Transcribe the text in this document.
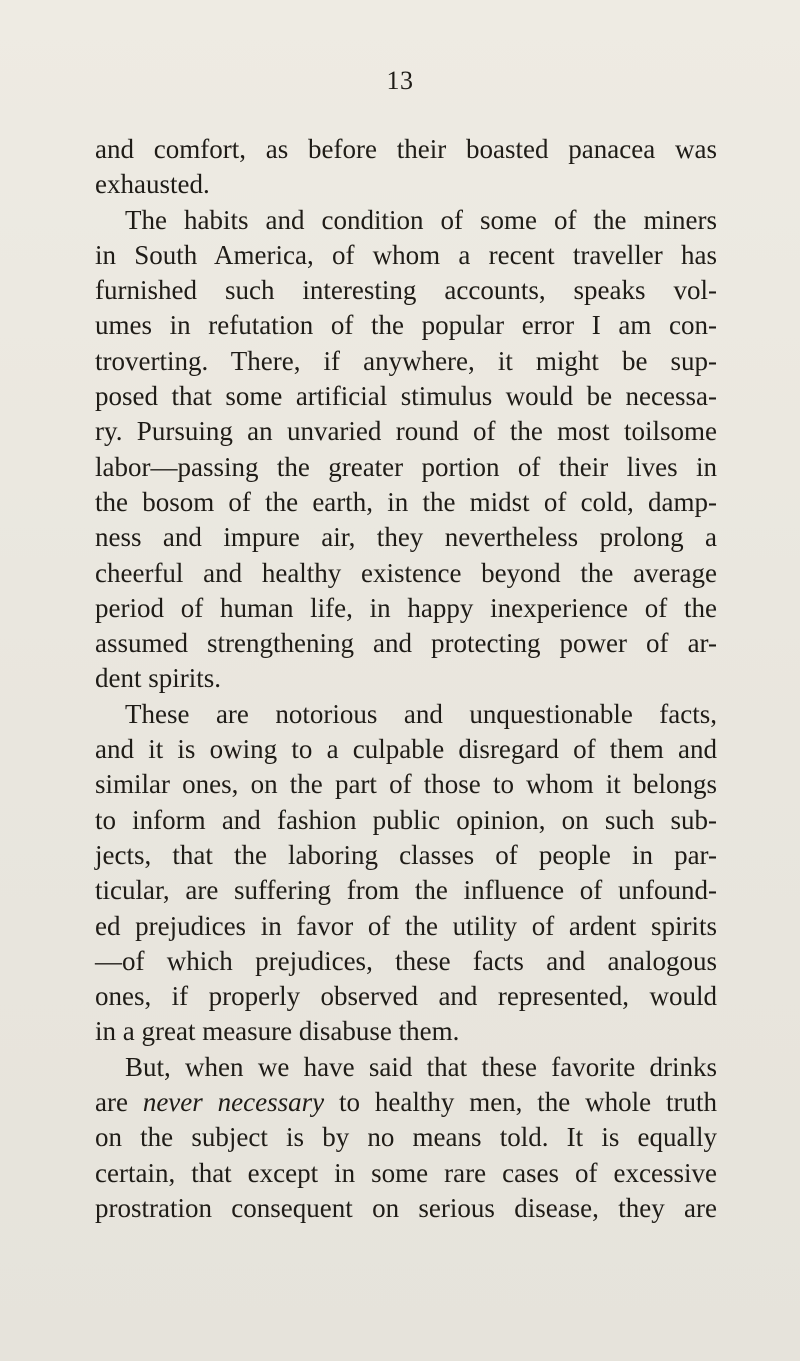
13
and comfort, as before their boasted panacea was
exhausted.
The habits and condition of some of the miners
in South America, of whom a recent traveller has
furnished such interesting accounts, speaks vol-
umes in refutation of the popular error I am con-
troverting. There, if anywhere, it might be sup-
posed that some artificial stimulus would be necessa-
ry. Pursuing an unvaried round of the most toilsome
labor—passing the greater portion of their lives in
the bosom of the earth, in the midst of cold, damp-
ness and impure air, they nevertheless prolong a
cheerful and healthy existence beyond the average
period of human life, in happy inexperience of the
assumed strengthening and protecting power of ar-
dent spirits.
These are notorious and unquestionable facts,
and it is owing to a culpable disregard of them and
similar ones, on the part of those to whom it belongs
to inform and fashion public opinion, on such sub-
jects, that the laboring classes of people in par-
ticular, are suffering from the influence of unfound-
ed prejudices in favor of the utility of ardent spirits
—of which prejudices, these facts and analogous
ones, if properly observed and represented, would
in a great measure disabuse them.
But, when we have said that these favorite drinks
are never necessary to healthy men, the whole truth
on the subject is by no means told. It is equally
certain, that except in some rare cases of excessive
prostration consequent on serious disease, they are
